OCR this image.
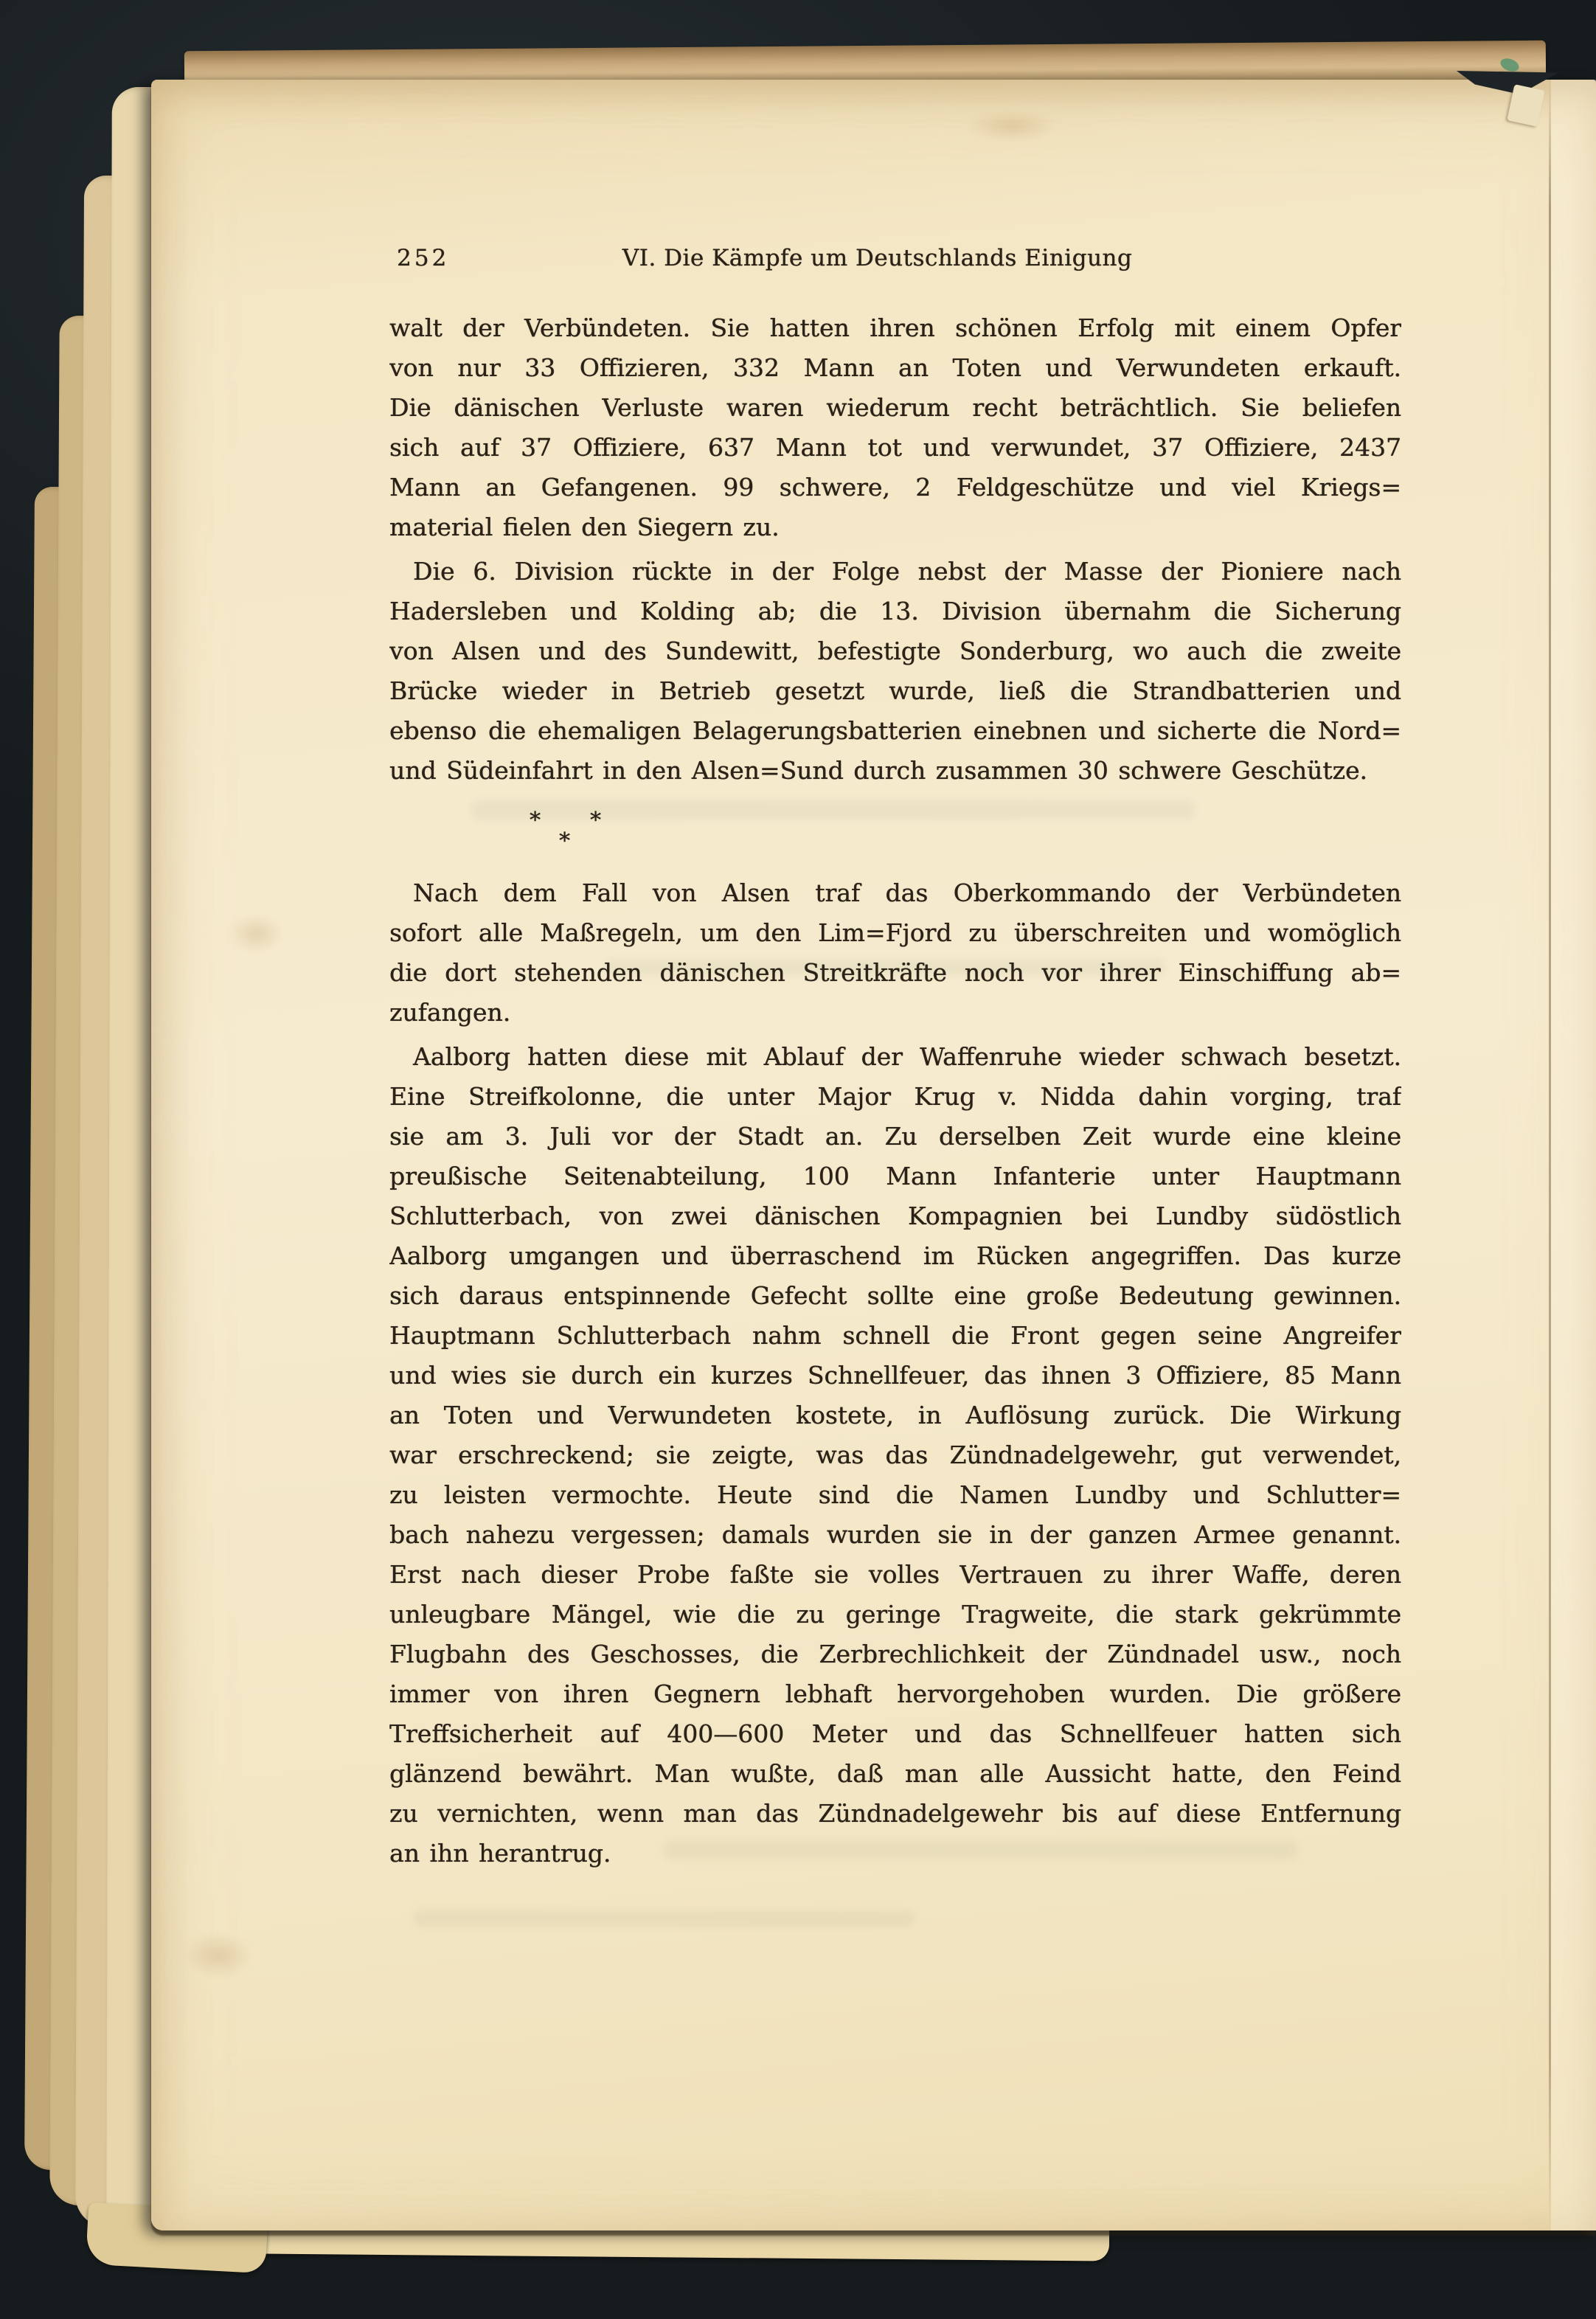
252	VI. Die Kämpfe um Deutschlands Einigung
walt der Verbündeten. Sie hatten ihren schönen Erfolg mit einem Opfer
von nur 33 Offizieren, 332 Mann an Toten und Verwundeten erkauft.
Die dänischen Verluste waren wiederum recht beträchtlich. Sie beliefen
sich auf 37 Offiziere, 637 Mann tot und verwundet, 37 Offiziere, 2437
Mann an Gefangenen. 99 schwere, 2 Feldgeschütze und viel Kriegs=
material fielen den Siegern zu.
Die 6. Division rückte in der Folge nebst der Masse der Pioniere nach
Hadersleben und Kolding ab; die 13. Division übernahm die Sicherung
von Alsen und des Sundewitt, befestigte Sonderburg, wo auch die zweite
Brücke wieder in Betrieb gesetzt wurde, ließ die Strandbatterien und
ebenso die ehemaligen Belagerungsbatterien einebnen und sicherte die Nord=
und Südeinfahrt in den Alsen=Sund durch zusammen 30 schwere Geschütze.
* *
*
Nach dem Fall von Alsen traf das Oberkommando der Verbündeten
sofort alle Maßregeln, um den Lim=Fjord zu überschreiten und womöglich
die dort stehenden dänischen Streitkräfte noch vor ihrer Einschiffung ab=
zufangen.
Aalborg hatten diese mit Ablauf der Waffenruhe wieder schwach besetzt.
Eine Streifkolonne, die unter Major Krug v. Nidda dahin vorging, traf
sie am 3. Juli vor der Stadt an. Zu derselben Zeit wurde eine kleine
preußische Seitenabteilung, 100 Mann Infanterie unter Hauptmann
Schlutterbach, von zwei dänischen Kompagnien bei Lundby südöstlich
Aalborg umgangen und überraschend im Rücken angegriffen. Das kurze
sich daraus entspinnende Gefecht sollte eine große Bedeutung gewinnen.
Hauptmann Schlutterbach nahm schnell die Front gegen seine Angreifer
und wies sie durch ein kurzes Schnellfeuer, das ihnen 3 Offiziere, 85 Mann
an Toten und Verwundeten kostete, in Auflösung zurück. Die Wirkung
war erschreckend; sie zeigte, was das Zündnadelgewehr, gut verwendet,
zu leisten vermochte. Heute sind die Namen Lundby und Schlutter=
bach nahezu vergessen; damals wurden sie in der ganzen Armee genannt.
Erst nach dieser Probe faßte sie volles Vertrauen zu ihrer Waffe, deren
unleugbare Mängel, wie die zu geringe Tragweite, die stark gekrümmte
Flugbahn des Geschosses, die Zerbrechlichkeit der Zündnadel usw., noch
immer von ihren Gegnern lebhaft hervorgehoben wurden. Die größere
Treffsicherheit auf 400—600 Meter und das Schnellfeuer hatten sich
glänzend bewährt. Man wußte, daß man alle Aussicht hatte, den Feind
zu vernichten, wenn man das Zündnadelgewehr bis auf diese Entfernung
an ihn herantrug.
